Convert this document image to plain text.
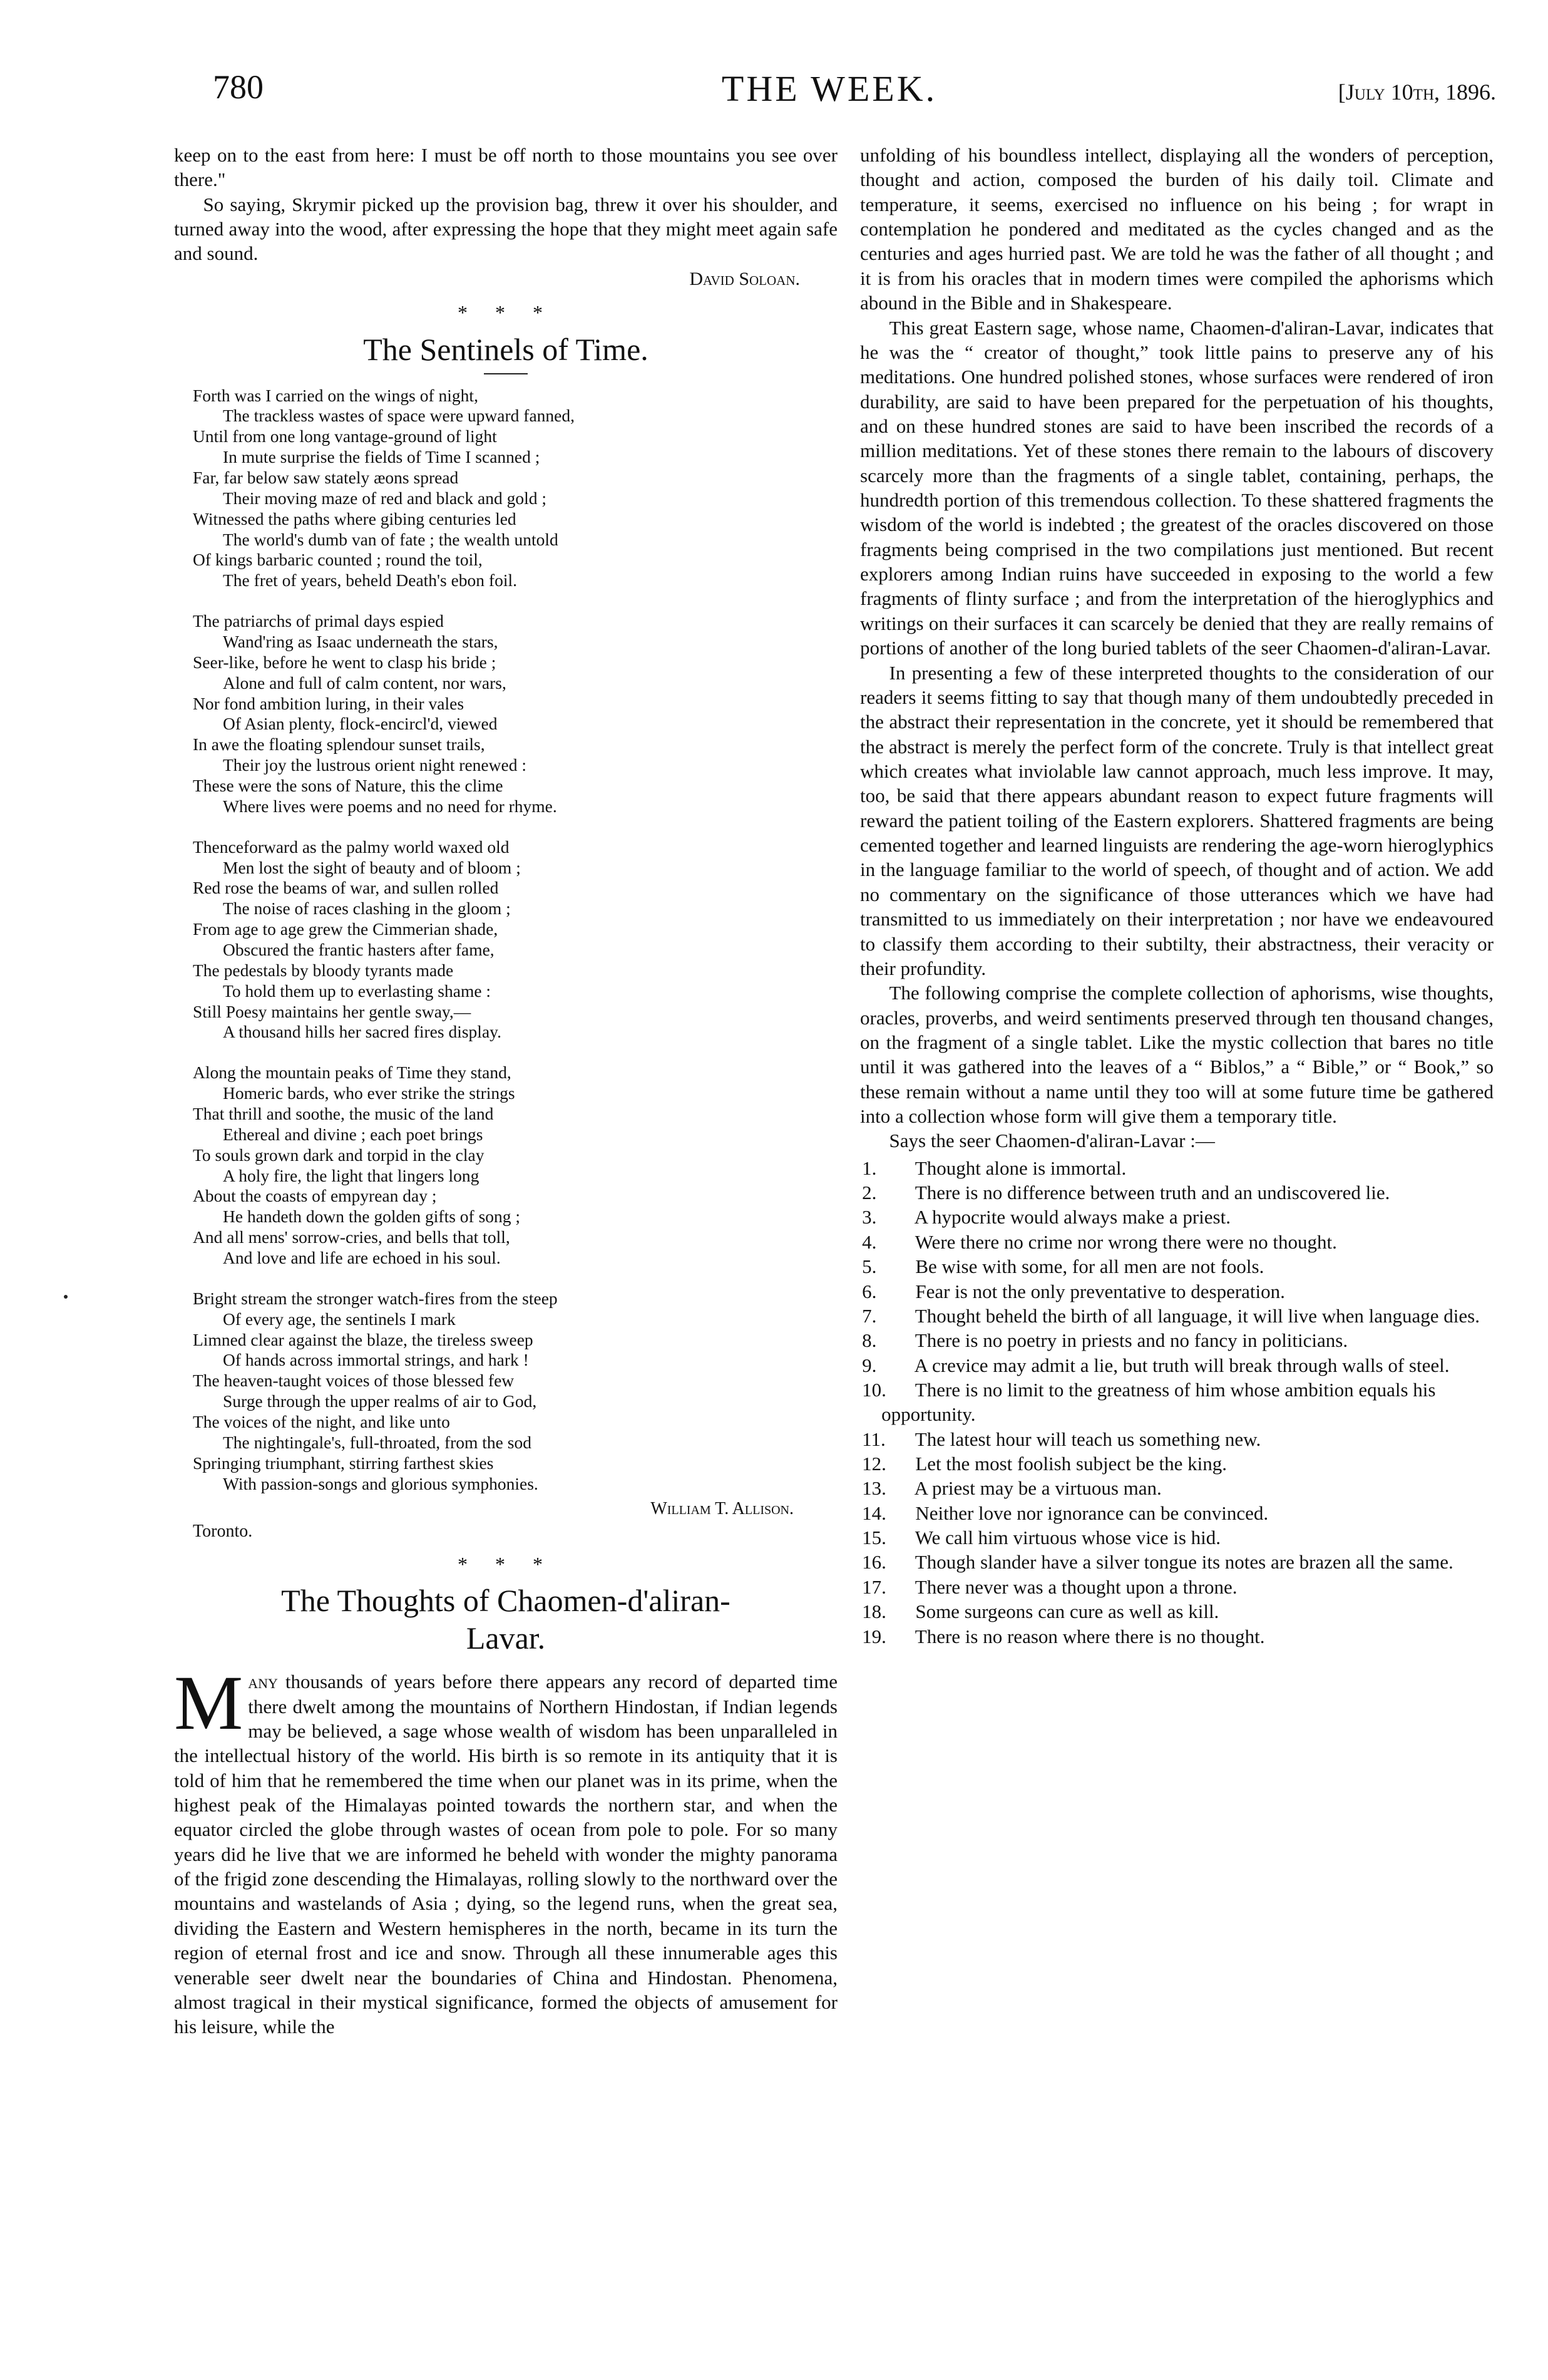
780	THE WEEK.	[July 10th, 1896.

keep on to the east from here: I must be off north to those mountains you see over there."

So saying, Skrymir picked up the provision bag, threw it over his shoulder, and turned away into the wood, after expressing the hope that they might meet again safe and sound.

David Soloan.
* * *
The Sentinels of Time.
Forth was I carried on the wings of night,
The trackless wastes of space were upward fanned,
Until from one long vantage-ground of light
In mute surprise the fields of Time I scanned ;
Far, far below saw stately æons spread
Their moving maze of red and black and gold ;
Witnessed the paths where gibing centuries led
The world's dumb van of fate ; the wealth untold
Of kings barbaric counted ; round the toil,
The fret of years, beheld Death's ebon foil.
The patriarchs of primal days espied
Wand'ring as Isaac underneath the stars,
Seer-like, before he went to clasp his bride ;
Alone and full of calm content, nor wars,
Nor fond ambition luring, in their vales
Of Asian plenty, flock-encircl'd, viewed
In awe the floating splendour sunset trails,
Their joy the lustrous orient night renewed :
These were the sons of Nature, this the clime
Where lives were poems and no need for rhyme.
Thenceforward as the palmy world waxed old
Men lost the sight of beauty and of bloom ;
Red rose the beams of war, and sullen rolled
The noise of races clashing in the gloom ;
From age to age grew the Cimmerian shade,
Obscured the frantic hasters after fame,
The pedestals by bloody tyrants made
To hold them up to everlasting shame :
Still Poesy maintains her gentle sway,—
A thousand hills her sacred fires display.
Along the mountain peaks of Time they stand,
Homeric bards, who ever strike the strings
That thrill and soothe, the music of the land
Ethereal and divine ; each poet brings
To souls grown dark and torpid in the clay
A holy fire, the light that lingers long
About the coasts of empyrean day ;
He handeth down the golden gifts of song ;
And all mens' sorrow-cries, and bells that toll,
And love and life are echoed in his soul.
Bright stream the stronger watch-fires from the steep
Of every age, the sentinels I mark
Limned clear against the blaze, the tireless sweep
Of hands across immortal strings, and hark !
The heaven-taught voices of those blessed few
Surge through the upper realms of air to God,
The voices of the night, and like unto
The nightingale's, full-throated, from the sod
Springing triumphant, stirring farthest skies
With passion-songs and glorious symphonies.
William T. Allison.
Toronto.
* * *
The Thoughts of Chaomen-d'aliran-
Lavar.
M any thousands of years before there appears any record of departed time there dwelt among the mountains of Northern Hindostan, if Indian legends may be believed, a sage whose wealth of wisdom has been unparalleled in the intellectual history of the world. His birth is so remote in its antiquity that it is told of him that he remembered the time when our planet was in its prime, when the highest peak of the Himalayas pointed towards the northern star, and when the equator circled the globe through wastes of ocean from pole to pole. For so many years did he live that we are informed he beheld with wonder the mighty panorama of the frigid zone descending the Himalayas, rolling slowly to the northward over the mountains and wastelands of Asia ; dying, so the legend runs, when the great sea, dividing the Eastern and Western hemispheres in the north, became in its turn the region of eternal frost and ice and snow. Through all these innumerable ages this venerable seer dwelt near the boundaries of China and Hindostan. Phenomena, almost tragical in their mystical significance, formed the objects of amusement for his leisure, while the

unfolding of his boundless intellect, displaying all the wonders of perception, thought and action, composed the burden of his daily toil. Climate and temperature, it seems, exercised no influence on his being ; for wrapt in contemplation he pondered and meditated as the cycles changed and as the centuries and ages hurried past. We are told he was the father of all thought ; and it is from his oracles that in modern times were compiled the aphorisms which abound in the Bible and in Shakespeare.

This great Eastern sage, whose name, Chaomen-d'aliran-Lavar, indicates that he was the “ creator of thought,” took little pains to preserve any of his meditations. One hundred polished stones, whose surfaces were rendered of iron durability, are said to have been prepared for the perpetuation of his thoughts, and on these hundred stones are said to have been inscribed the records of a million meditations. Yet of these stones there remain to the labours of discovery scarcely more than the fragments of a single tablet, containing, perhaps, the hundredth portion of this tremendous collection. To these shattered fragments the wisdom of the world is indebted ; the greatest of the oracles discovered on those fragments being comprised in the two compilations just mentioned. But recent explorers among Indian ruins have succeeded in exposing to the world a few fragments of flinty surface ; and from the interpretation of the hieroglyphics and writings on their surfaces it can scarcely be denied that they are really remains of portions of another of the long buried tablets of the seer Chaomen-d'aliran-Lavar.

In presenting a few of these interpreted thoughts to the consideration of our readers it seems fitting to say that though many of them undoubtedly preceded in the abstract their representation in the concrete, yet it should be remembered that the abstract is merely the perfect form of the concrete. Truly is that intellect great which creates what inviolable law cannot approach, much less improve. It may, too, be said that there appears abundant reason to expect future fragments will reward the patient toiling of the Eastern explorers. Shattered fragments are being cemented together and learned linguists are rendering the age-worn hieroglyphics in the language familiar to the world of speech, of thought and of action. We add no commentary on the significance of those utterances which we have had transmitted to us immediately on their interpretation ; nor have we endeavoured to classify them according to their subtilty, their abstractness, their veracity or their profundity.

The following comprise the complete collection of aphorisms, wise thoughts, oracles, proverbs, and weird sentiments preserved through ten thousand changes, on the fragment of a single tablet. Like the mystic collection that bares no title until it was gathered into the leaves of a “ Biblos,” a “ Bible,” or “ Book,” so these remain without a name until they too will at some future time be gathered into a collection whose form will give them a temporary title.

Says the seer Chaomen-d'aliran-Lavar :—

1. Thought alone is immortal.

2. There is no difference between truth and an undiscovered lie.

3. A hypocrite would always make a priest.

4. Were there no crime nor wrong there were no thought.

5. Be wise with some, for all men are not fools.

6. Fear is not the only preventative to desperation.

7. Thought beheld the birth of all language, it will live when language dies.

8. There is no poetry in priests and no fancy in politicians.

9. A crevice may admit a lie, but truth will break through walls of steel.

10. There is no limit to the greatness of him whose ambition equals his opportunity.

11. The latest hour will teach us something new.

12. Let the most foolish subject be the king.

13. A priest may be a virtuous man.

14. Neither love nor ignorance can be convinced.

15. We call him virtuous whose vice is hid.

16. Though slander have a silver tongue its notes are brazen all the same.

17. There never was a thought upon a throne.

18. Some surgeons can cure as well as kill.

19. There is no reason where there is no thought.
